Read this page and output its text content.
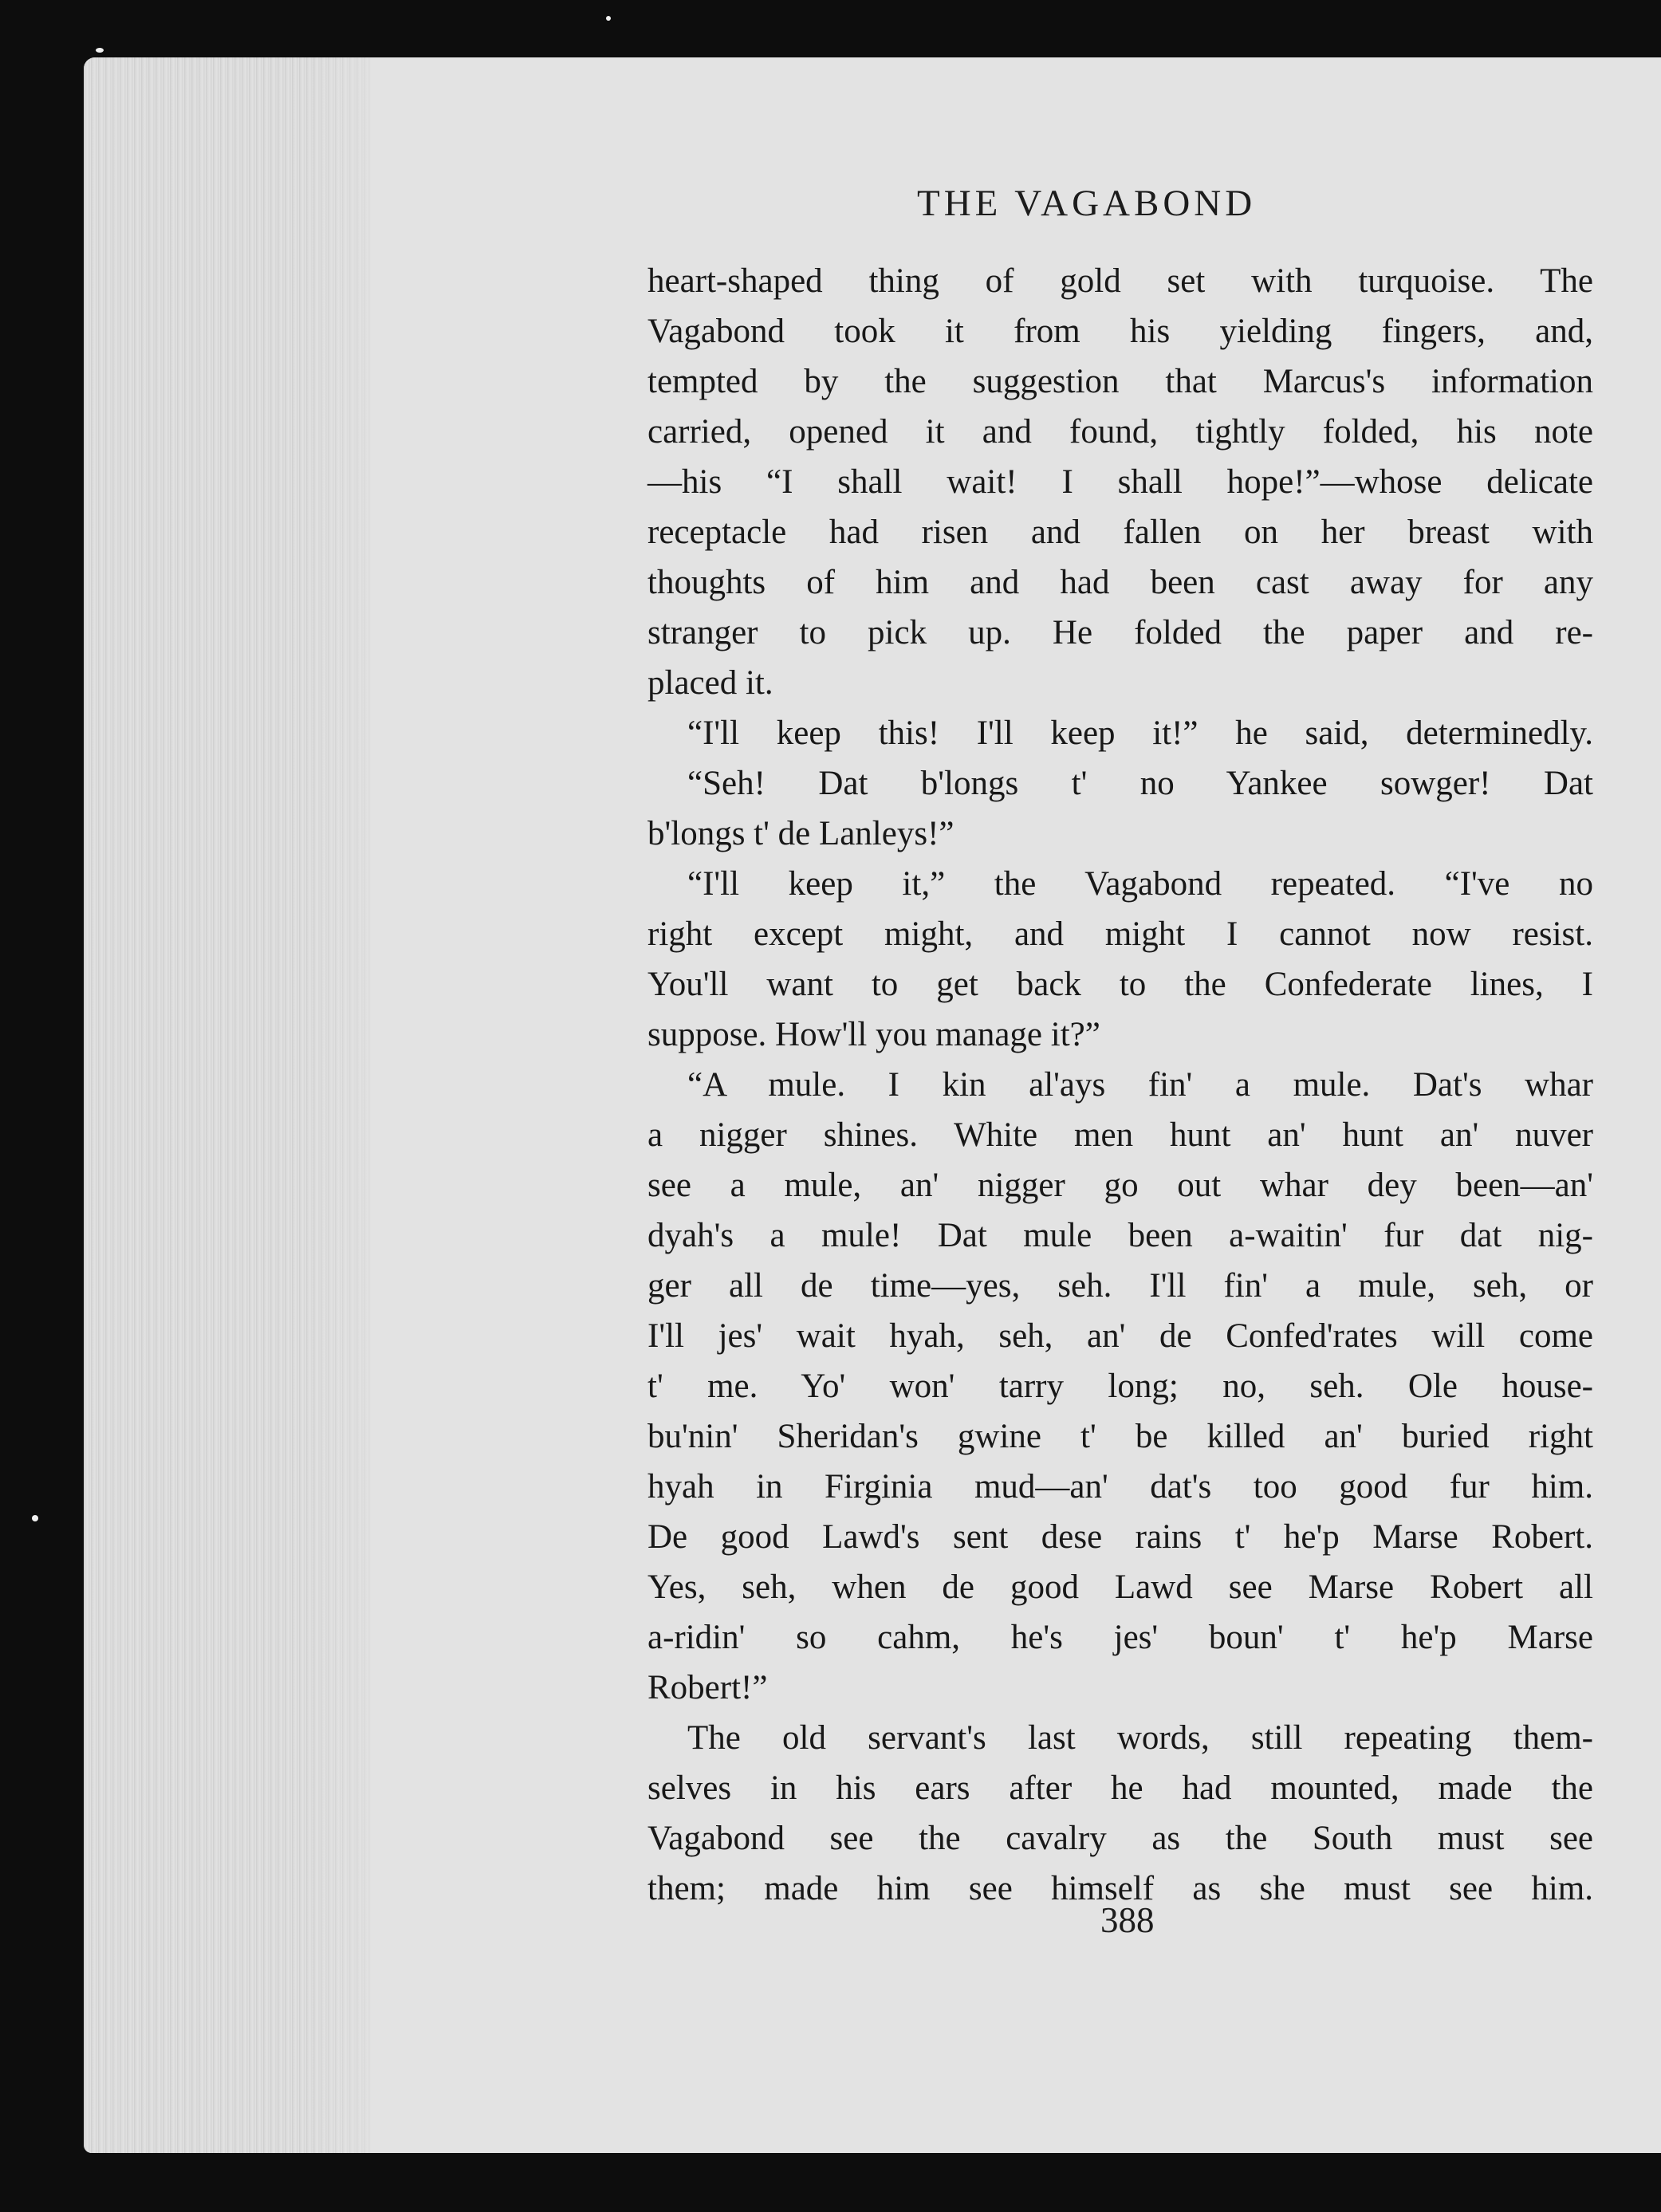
THE VAGABOND
heart-shaped thing of gold set with turquoise. The
Vagabond took it from his yielding fingers, and,
tempted by the suggestion that Marcus's information
carried, opened it and found, tightly folded, his note
—his “I shall wait! I shall hope!”—whose delicate
receptacle had risen and fallen on her breast with
thoughts of him and had been cast away for any
stranger to pick up. He folded the paper and re-
placed it.
“I'll keep this! I'll keep it!” he said, determinedly.
“Seh! Dat b'longs t' no Yankee sowger! Dat
b'longs t' de Lanleys!”
“I'll keep it,” the Vagabond repeated. “I've no
right except might, and might I cannot now resist.
You'll want to get back to the Confederate lines, I
suppose. How'll you manage it?”
“A mule. I kin al'ays fin' a mule. Dat's whar
a nigger shines. White men hunt an' hunt an' nuver
see a mule, an' nigger go out whar dey been—an'
dyah's a mule! Dat mule been a-waitin' fur dat nig-
ger all de time—yes, seh. I'll fin' a mule, seh, or
I'll jes' wait hyah, seh, an' de Confed'rates will come
t' me. Yo' won' tarry long; no, seh. Ole house-
bu'nin' Sheridan's gwine t' be killed an' buried right
hyah in Firginia mud—an' dat's too good fur him.
De good Lawd's sent dese rains t' he'p Marse Robert.
Yes, seh, when de good Lawd see Marse Robert all
a-ridin' so cahm, he's jes' boun' t' he'p Marse
Robert!”
The old servant's last words, still repeating them-
selves in his ears after he had mounted, made the
Vagabond see the cavalry as the South must see
them; made him see himself as she must see him.
388
